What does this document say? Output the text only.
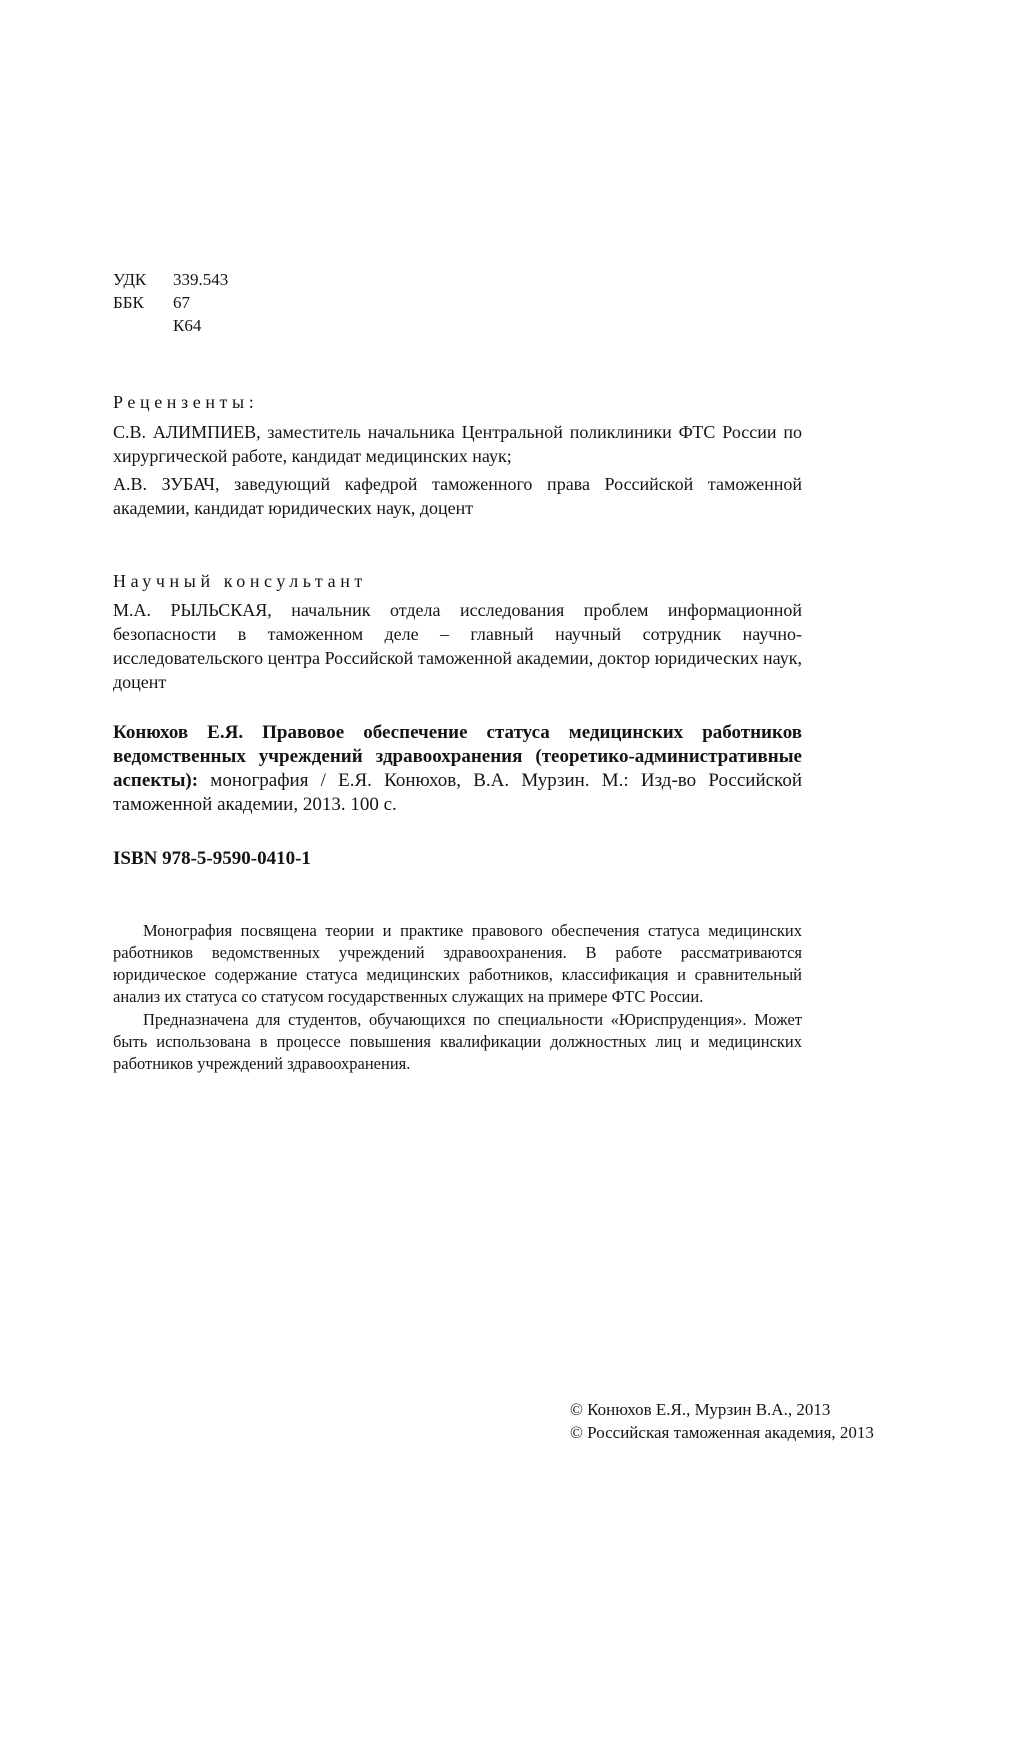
УДК	339.543
ББК	67
К64
Рецензенты:

С.В. АЛИМПИЕВ, заместитель начальника Центральной поликлиники ФТС России по хирургической работе, кандидат медицинских наук;

А.В. ЗУБАЧ, заведующий кафедрой таможенного права Российской таможенной академии, кандидат юридических наук, доцент

Научный консультант

М.А. РЫЛЬСКАЯ, начальник отдела исследования проблем информационной безопасности в таможенном деле – главный научный сотрудник научно-исследовательского центра Российской таможенной академии, доктор юридических наук, доцент

Конюхов Е.Я. Правовое обеспечение статуса медицинских работников ведомственных учреждений здравоохранения (теоретико-административные аспекты): монография / Е.Я. Конюхов, В.А. Мурзин. М.: Изд-во Российской таможенной академии, 2013. 100 с.

ISBN 978-5-9590-0410-1

Монография посвящена теории и практике правового обеспечения статуса медицинских работников ведомственных учреждений здравоохранения. В работе рассматриваются юридическое содержание статуса медицинских работников, классификация и сравнительный анализ их статуса со статусом государственных служащих на примере ФТС России.

Предназначена для студентов, обучающихся по специальности «Юриспруденция». Может быть использована в процессе повышения квалификации должностных лиц и медицинских работников учреждений здравоохранения.

© Конюхов Е.Я., Мурзин В.А., 2013
© Российская таможенная академия, 2013
